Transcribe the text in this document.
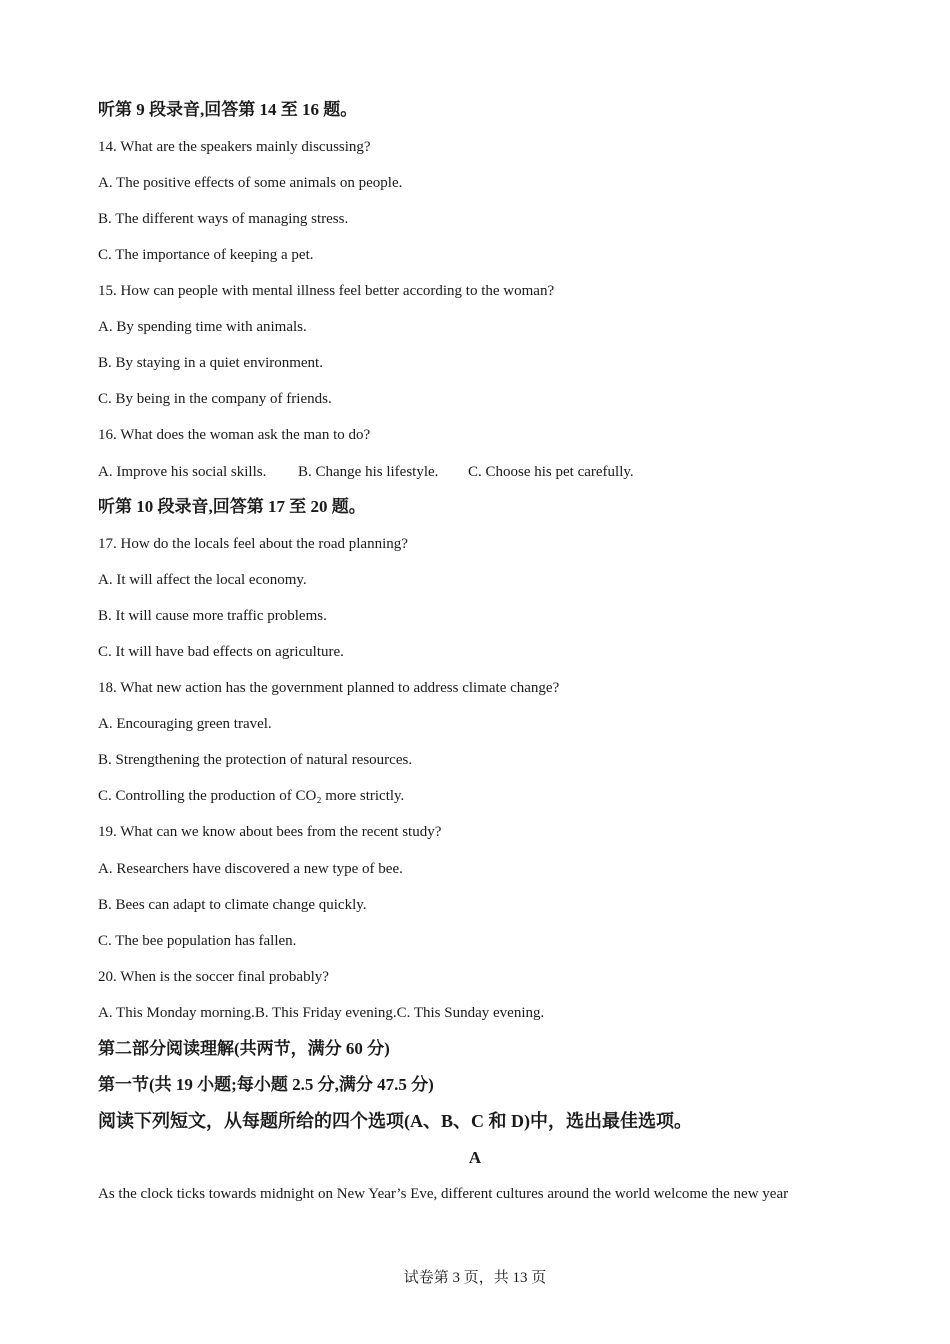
听第 9 段录音,回答第 14 至 16 题。
14. What are the speakers mainly discussing?
A. The positive effects of some animals on people.
B. The different ways of managing stress.
C. The importance of keeping a pet.
15. How can people with mental illness feel better according to the woman?
A. By spending time with animals.
B. By staying in a quiet environment.
C. By being in the company of friends.
16. What does the woman ask the man to do?
A. Improve his social skills. B. Change his lifestyle. C. Choose his pet carefully.
听第 10 段录音,回答第 17 至 20 题。
17. How do the locals feel about the road planning?
A. It will affect the local economy.
B. It will cause more traffic problems.
C. It will have bad effects on agriculture.
18. What new action has the government planned to address climate change?
A. Encouraging green travel.
B. Strengthening the protection of natural resources.
C. Controlling the production of CO₂ more strictly.
19. What can we know about bees from the recent study?
A. Researchers have discovered a new type of bee.
B. Bees can adapt to climate change quickly.
C. The bee population has fallen.
20. When is the soccer final probably?
A. This Monday morning.B. This Friday evening.C. This Sunday evening.
第二部分阅读理解(共两节，满分 60 分)
第一节(共 19 小题;每小题 2.5 分,满分 47.5 分)
阅读下列短文，从每题所给的四个选项(A、B、C 和 D)中，选出最佳选项。
A
As the clock ticks towards midnight on New Year’s Eve, different cultures around the world welcome the new year
试卷第 3 页，共 13 页
